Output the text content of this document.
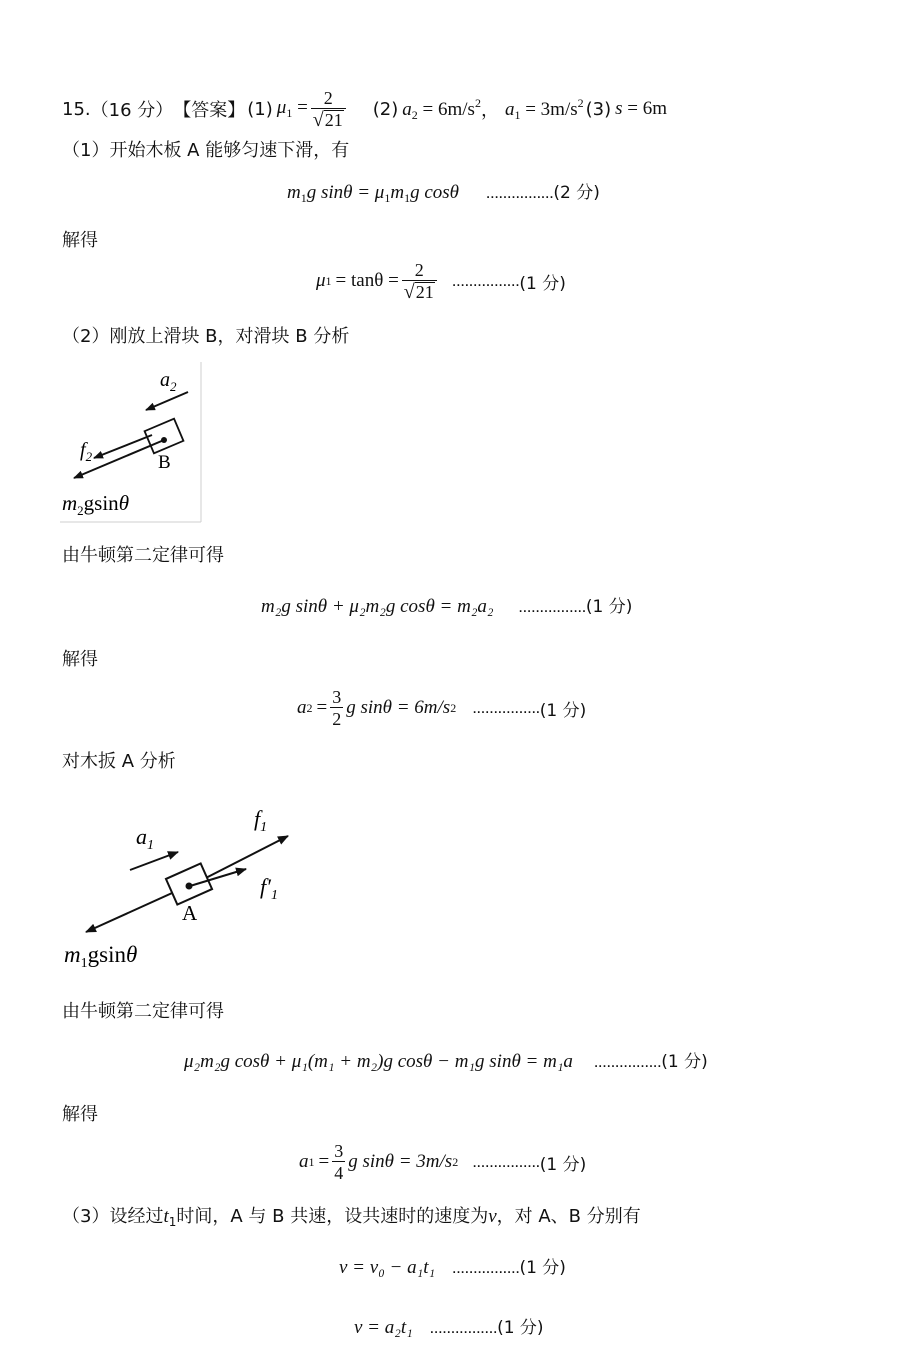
15. （16 分） 【答案】 (1) $\mu_1 = \frac{2}{√ 21} (2) a_2 = 6m/s^2$ ， $a_1 = 3m/s^2$ (3) s = 6m
（1）开始木板 A 能够匀速下滑，有
$m_1g$ $\sin\theta = \mu_1m_1g$ cosθ ................(2 分)
解得
μ $1 = \tan\theta = \frac{2}{√ 21}$ ................ (1 分)
（2）刚放上滑块 B，对滑块 B 分析
$a_2$
$f_2$	B
$m_2gsin\theta$
由牛顿第二定律可得
m₂g sinθ + μ₂m₂g cosθ = m₂a₂ ................(1 分)
解得
a $2 = \frac{3}{2}$ g sinθ = 6m/s 2 ................ (1 分)
对木扳 A 分析
$a_1$
$f_1$
$f'_1$
A
$m_1gsin\theta$
由牛顿第二定律可得
μ₂m₂g cosθ + μ₁(m₁ + m₂)g cosθ − m₁g sinθ = m₁a ................(1 分)
解得
a $1 = \frac{3}{4}$ g sinθ = 3m/s 2 ................ (1 分)
（3）设经过$t_1$时间，A 与 B 共速，设共速时的速度为v，对 A、B 分别有
v = v₀ − a₁t₁ ................(1 分)
v = a₂t₁ ................(1 分)
